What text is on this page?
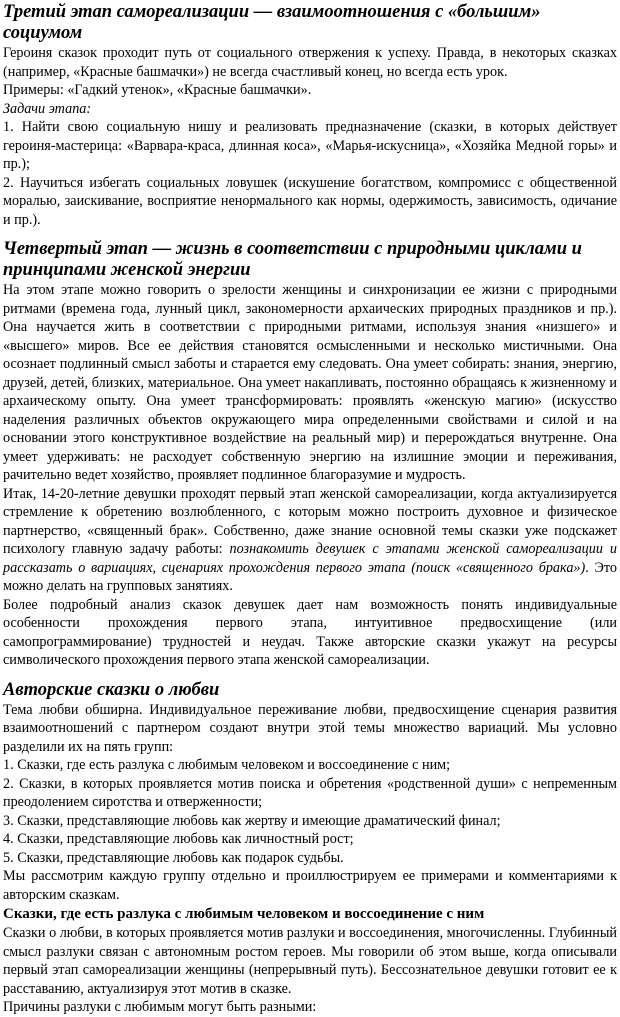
Третий этап самореализации — взаимоотношения с «большим» социумом

Героиня сказок проходит путь от социального отвержения к успеху. Правда, в некоторых сказках (например, «Красные башмачки») не всегда счастливый конец, но всегда есть урок.

Примеры: «Гадкий утенок», «Красные башмачки».

Задачи этапа:

1. Найти свою социальную нишу и реализовать предназначение (сказки, в которых действует героиня-мастерица: «Варвара-краса, длинная коса», «Марья-искусница», «Хозяйка Медной горы» и пр.);

2. Научиться избегать социальных ловушек (искушение богатством, компромисс с общественной моралью, заискивание, восприятие ненормального как нормы, одержимость, зависимость, одичание и пр.).

Четвертый этап — жизнь в соответствии с природными циклами и принципами женской энергии

На этом этапе можно говорить о зрелости женщины и синхронизации ее жизни с природными ритмами (времена года, лунный цикл, закономерности архаических природных праздников и пр.). Она научается жить в соответствии с природными ритмами, используя знания «низшего» и «высшего» миров. Все ее действия становятся осмысленными и несколько мистичными. Она осознает подлинный смысл заботы и старается ему следовать. Она умеет собирать: знания, энергию, друзей, детей, близких, материальное. Она умеет накапливать, постоянно обращаясь к жизненному и архаическому опыту. Она умеет трансформировать: проявлять «женскую магию» (искусство наделения различных объектов окружающего мира определенными свойствами и силой и на основании этого конструктивное воздействие на реальный мир) и перерождаться внутренне. Она умеет удерживать: не расходует собственную энергию на излишние эмоции и переживания, рачительно ведет хозяйство, проявляет подлинное благоразумие и мудрость.

Итак, 14-20-летние девушки проходят первый этап женской самореализации, когда актуализируется стремление к обретению возлюбленного, с которым можно построить духовное и физическое партнерство, «священный брак». Собственно, даже знание основной темы сказки уже подскажет психологу главную задачу работы: познакомить девушек с этапами женской самореализации и рассказать о вариациях, сценариях прохождения первого этапа (поиск «священного брака»). Это можно делать на групповых занятиях.

Более подробный анализ сказок девушек дает нам возможность понять индивидуальные особенности прохождения первого этапа, интуитивное предвосхищение (или самопрограммирование) трудностей и неудач. Также авторские сказки укажут на ресурсы символического прохождения первого этапа женской самореализации.

Авторские сказки о любви

Тема любви обширна. Индивидуальное переживание любви, предвосхищение сценария развития взаимоотношений с партнером создают внутри этой темы множество вариаций. Мы условно разделили их на пять групп:

1. Сказки, где есть разлука с любимым человеком и воссоединение с ним;

2. Сказки, в которых проявляется мотив поиска и обретения «родственной души» с непременным преодолением сиротства и отверженности;

3. Сказки, представляющие любовь как жертву и имеющие драматический финал;

4. Сказки, представляющие любовь как личностный рост;

5. Сказки, представляющие любовь как подарок судьбы.

Мы рассмотрим каждую группу отдельно и проиллюстрируем ее примерами и комментариями к авторским сказкам.

Сказки, где есть разлука с любимым человеком и воссоединение с ним

Сказки о любви, в которых проявляется мотив разлуки и воссоединения, многочисленны. Глубинный смысл разлуки связан с автономным ростом героев. Мы говорили об этом выше, когда описывали первый этап самореализации женщины (непрерывный путь). Бессознательное девушки готовит ее к расставанию, актуализируя этот мотив в сказке.

Причины разлуки с любимым могут быть разными:
